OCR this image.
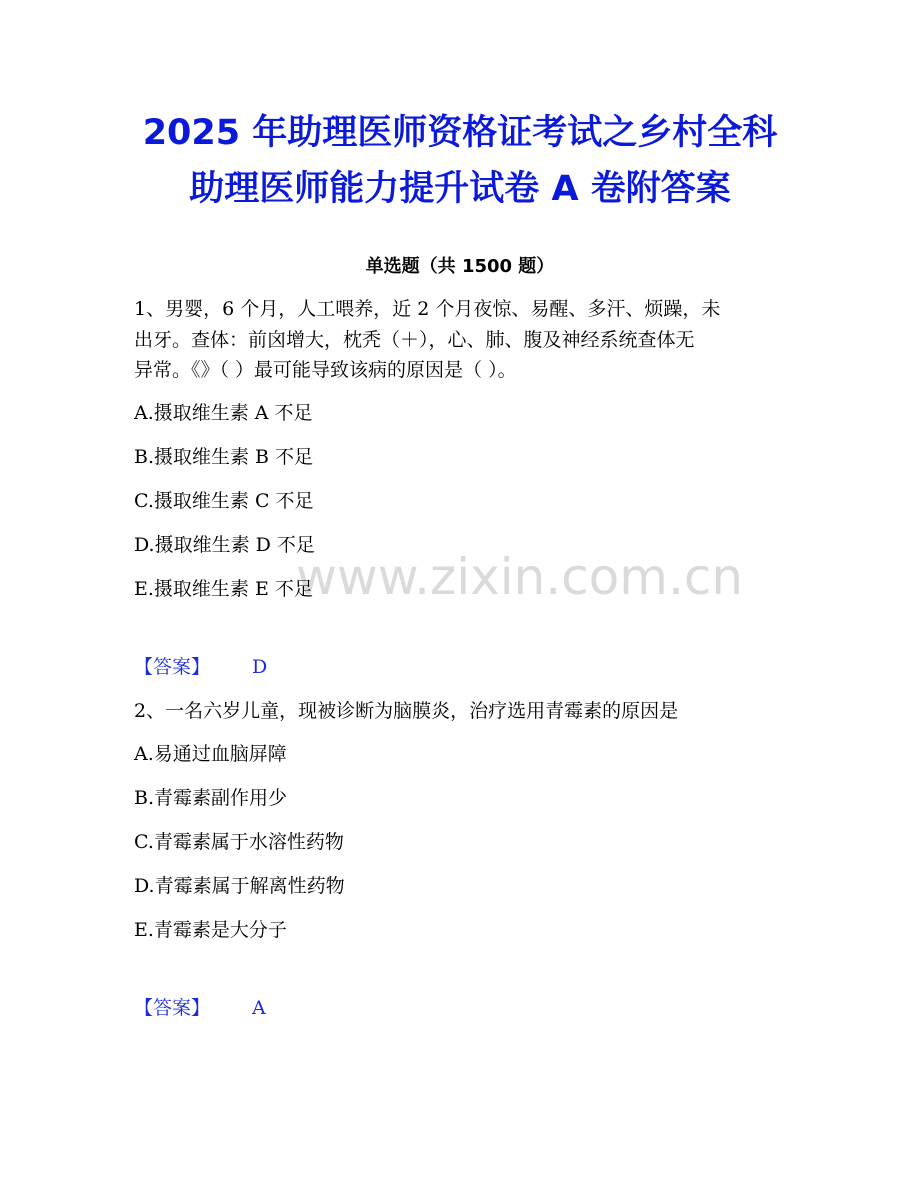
2025 年助理医师资格证考试之乡村全科
助理医师能力提升试卷 A 卷附答案
单选题（共 1500 题）
www.zixin.com.cn
1、男婴，6 个月，人工喂养，近 2 个月夜惊、易醒、多汗、烦躁，未
出牙。查体：前囟增大，枕秃（＋），心、肺、腹及神经系统查体无
异常。《》（ ）最可能导致该病的原因是（ ）。
A.摄取维生素 A 不足
B.摄取维生素 B 不足
C.摄取维生素 C 不足
D.摄取维生素 D 不足
E.摄取维生素 E 不足
【答案】 D
2、一名六岁儿童，现被诊断为脑膜炎，治疗选用青霉素的原因是
A.易通过血脑屏障
B.青霉素副作用少
C.青霉素属于水溶性药物
D.青霉素属于解离性药物
E.青霉素是大分子
【答案】 A
